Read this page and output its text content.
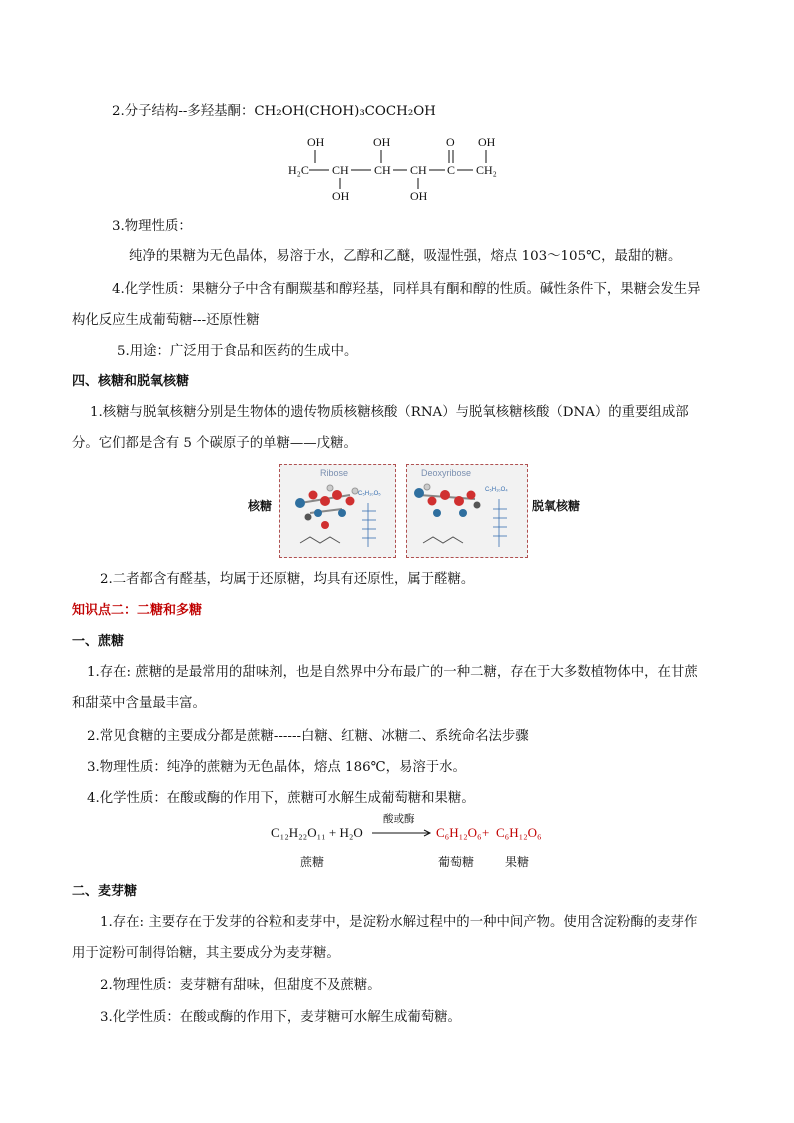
2.分子结构--多羟基酮：CH₂OH(CHOH)₃COCH₂OH
OH	OH	O OH
H₂C CH CH CH C CH₂
OH	OH
3.物理性质：
纯净的果糖为无色晶体，易溶于水，乙醇和乙醚，吸湿性强，熔点 103～105℃，最甜的糖。
4.化学性质：果糖分子中含有酮羰基和醇羟基，同样具有酮和醇的性质。碱性条件下，果糖会发生异
构化反应生成葡萄糖---还原性糖
5.用途：广泛用于食品和医药的生成中。
四、核糖和脱氧核糖
1.核糖与脱氧核糖分别是生物体的遗传物质核糖核酸（RNA）与脱氧核糖核酸（DNA）的重要组成部
分。它们都是含有 5 个碳原子的单糖——戊糖。
核糖
Ribose
C₅H₁₀O₅
Deoxyribose
C₅H₁₀O₄
脱氧核糖
2.二者都含有醛基，均属于还原糖，均具有还原性，属于醛糖。
知识点二：二糖和多糖
一、蔗糖
1.存在: 蔗糖的是最常用的甜味剂，也是自然界中分布最广的一种二糖，存在于大多数植物体中，在甘蔗
和甜菜中含量最丰富。
2.常见食糖的主要成分都是蔗糖------白糖、红糖、冰糖二、系统命名法步骤
3.物理性质：纯净的蔗糖为无色晶体，熔点 186℃，易溶于水。
4.化学性质：在酸或酶的作用下，蔗糖可水解生成葡萄糖和果糖。
C₁₂H₂₂O₁₁ + H₂O
酸或酶
→ C₆H₁₂O₆ + C₆H₁₂O₆
蔗糖	葡萄糖	果糖
二、麦芽糖
1.存在: 主要存在于发芽的谷粒和麦芽中，是淀粉水解过程中的一种中间产物。使用含淀粉酶的麦芽作
用于淀粉可制得饴糖，其主要成分为麦芽糖。
2.物理性质：麦芽糖有甜味，但甜度不及蔗糖。
3.化学性质：在酸或酶的作用下，麦芽糖可水解生成葡萄糖。
